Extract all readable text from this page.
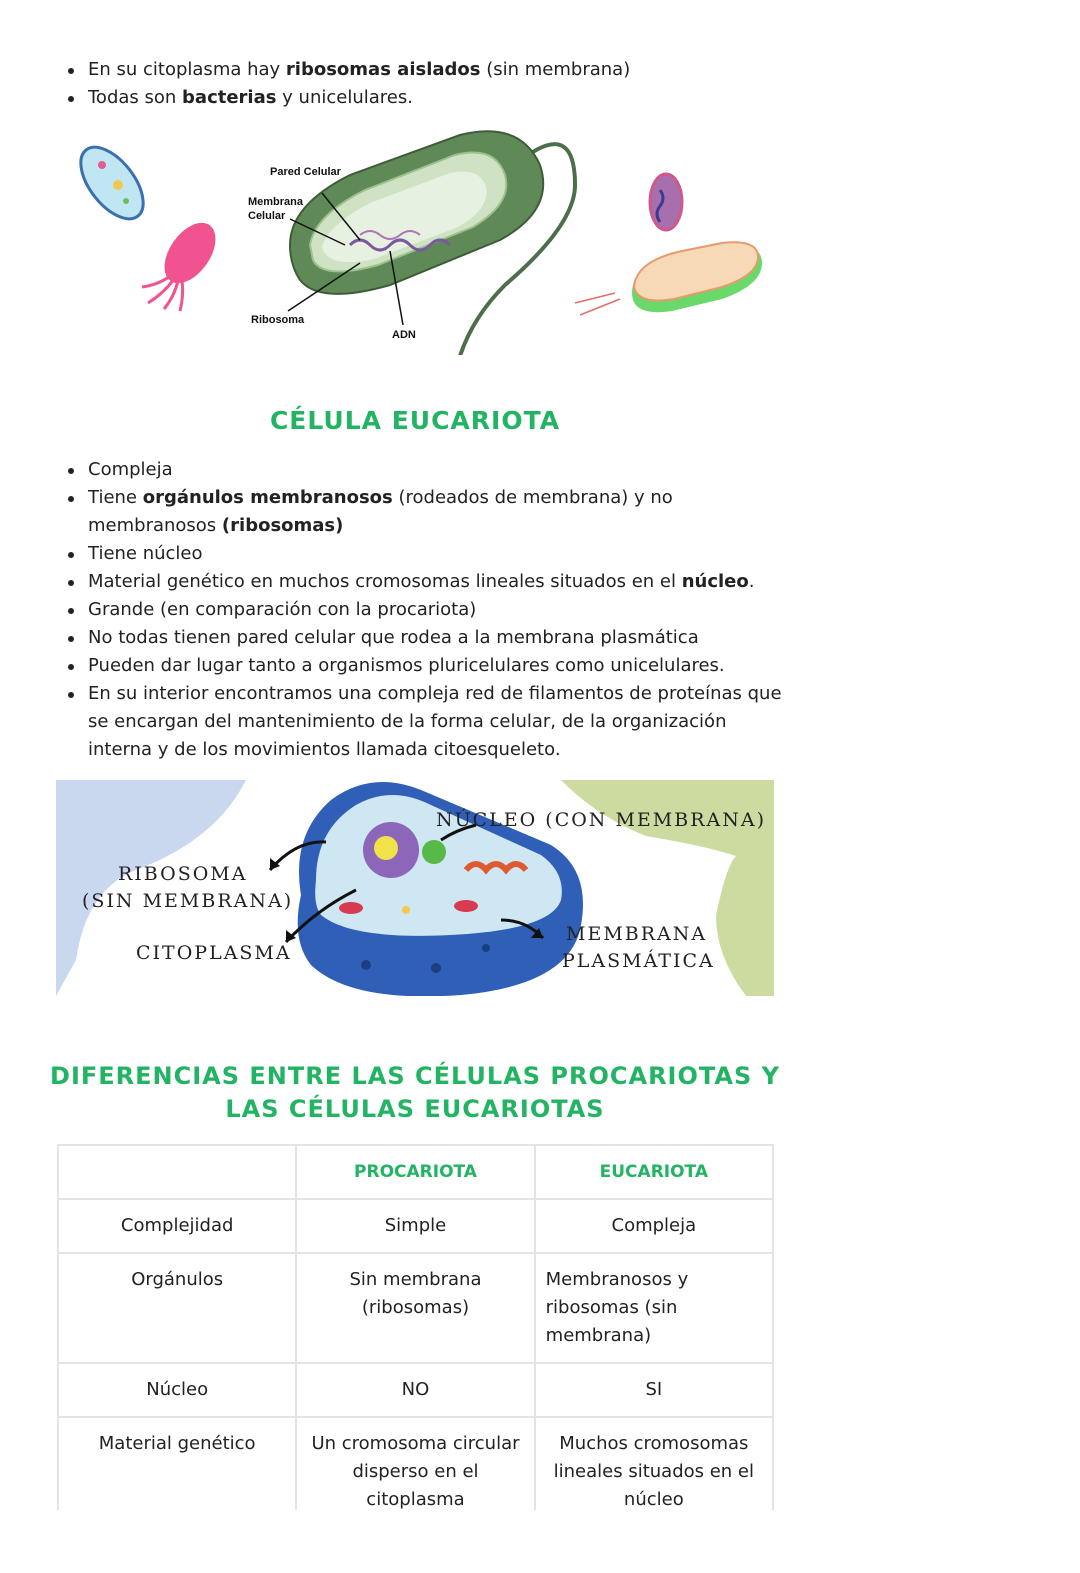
En su citoplasma hay ribosomas aislados (sin membrana)
Todas son bacterias y unicelulares.
Pared Celular
Membrana
Celular
Ribosoma
ADN
CÉLULA EUCARIOTA
Compleja
Tiene orgánulos membranosos (rodeados de membrana) y no membranosos (ribosomas)
Tiene núcleo
Material genético en muchos cromosomas lineales situados en el núcleo.
Grande (en comparación con la procariota)
No todas tienen pared celular que rodea a la membrana plasmática
Pueden dar lugar tanto a organismos pluricelulares como unicelulares.
En su interior encontramos una compleja red de filamentos de proteínas que se encargan del mantenimiento de la forma celular, de la organización interna y de los movimientos llamada citoesqueleto.
NÚCLEO (CON MEMBRANA)
RIBOSOMA
(SIN MEMBRANA)
CITOPLASMA
MEMBRANA
PLASMÁTICA
DIFERENCIAS ENTRE LAS CÉLULAS PROCARIOTAS Y
LAS CÉLULAS EUCARIOTAS
	PROCARIOTA	EUCARIOTA
Complejidad	Simple	Compleja
Orgánulos	Sin membrana (ribosomas)	Membranosos y ribosomas (sin membrana)
Núcleo	NO	SI
Material genético	Un cromosoma circular disperso en el citoplasma	Muchos cromosomas lineales situados en el núcleo
